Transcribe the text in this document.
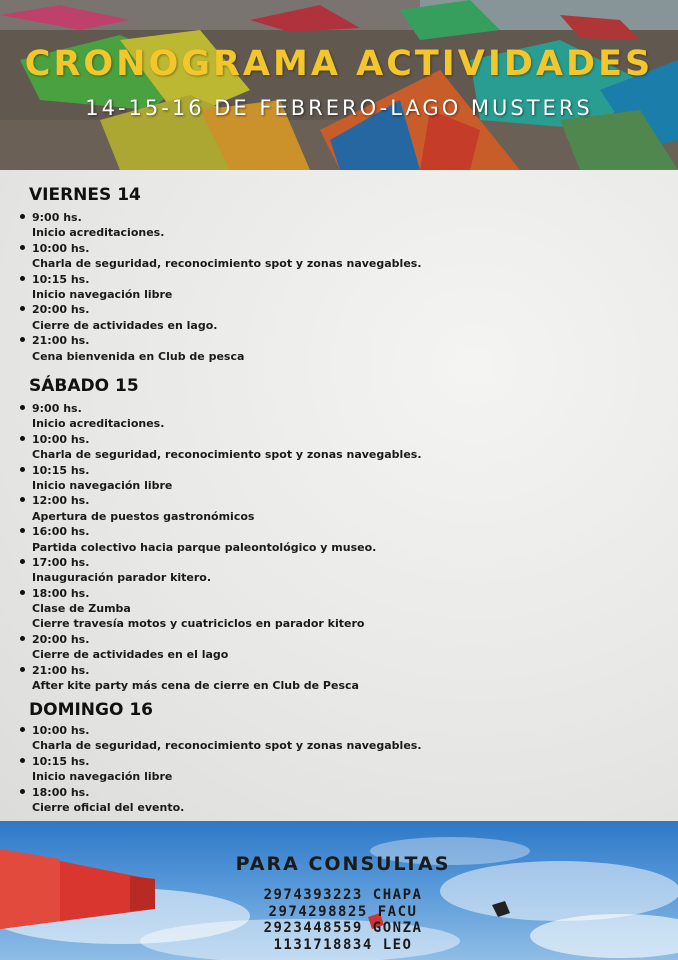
CRONOGRAMA ACTIVIDADES
14-15-16 DE FEBRERO-LAGO MUSTERS
VIERNES 14
9:00 hs.
Inicio acreditaciones.
10:00 hs.
Charla de seguridad, reconocimiento spot y zonas navegables.
10:15 hs.
Inicio navegación libre
20:00 hs.
Cierre de actividades en lago.
21:00 hs.
Cena bienvenida en Club de pesca
SÁBADO 15
9:00 hs.
Inicio acreditaciones.
10:00 hs.
Charla de seguridad, reconocimiento spot y zonas navegables.
10:15 hs.
Inicio navegación libre
12:00 hs.
Apertura de puestos gastronómicos
16:00 hs.
Partida colectivo hacia parque paleontológico y museo.
17:00 hs.
Inauguración parador kitero.
18:00 hs.
Clase de Zumba
Cierre travesía motos y cuatriciclos en parador kitero
20:00 hs.
Cierre de actividades en el lago
21:00 hs.
After kite party más cena de cierre en Club de Pesca
DOMINGO 16
10:00 hs.
Charla de seguridad, reconocimiento spot y zonas navegables.
10:15 hs.
Inicio navegación libre
18:00 hs.
Cierre oficial del evento.
PARA CONSULTAS
2974393223 CHAPA
2974298825 FACU
2923448559 GONZA
1131718834 LEO
